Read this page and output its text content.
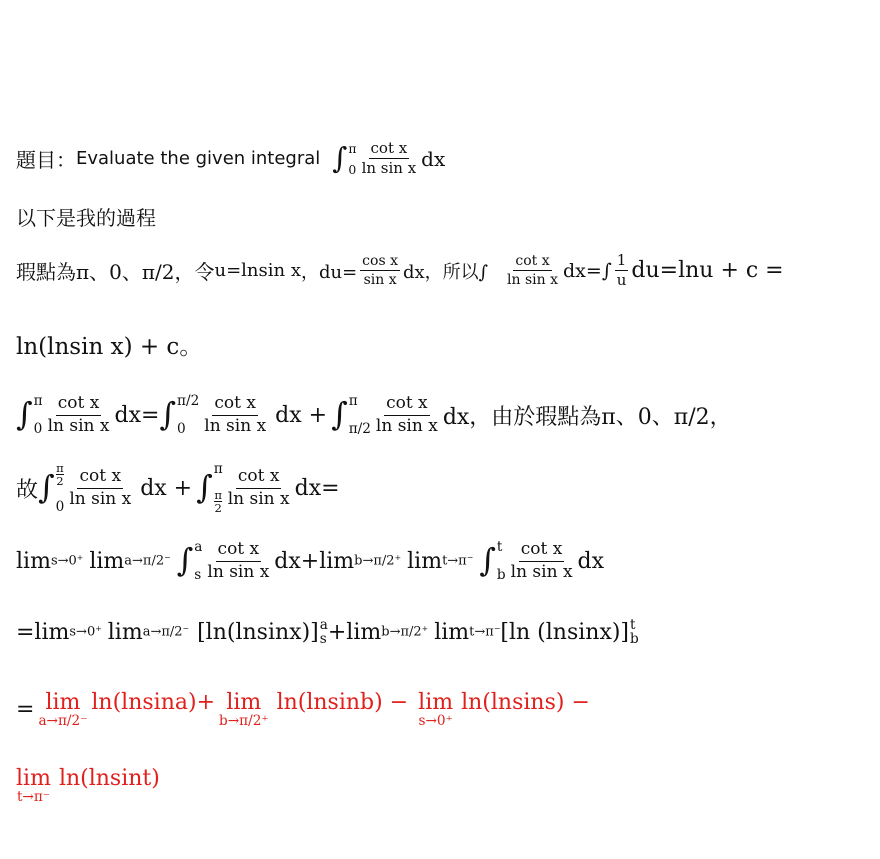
題目： Evaluate the given integral ∫ π
$0 \frac{\text{cot x}}{\text{ln sin x}}$ dx
以下是我的過程
瑕點為π、0、π/2，令 u=lnsin x ，$du= \frac{\text{cos x}}{\text{sin x}}$ dx，所以∫ $\frac{\text{cot x}}{\text{ln sin x}} dx=\int \frac{1}{u} du=\ln u + c$ =
ln(lnsin x) + c。
∫ π
$0 \frac{\text{cot x}}{\text{ln sin x}} dx=$ ∫ π/2
$0 \frac{\text{cot x}}{\text{ln sin x}}$ dx + ∫ π
$\pi/2 \frac{\text{cot x}}{\text{ln sin x}}$ dx，由於瑕點為π、0、π/2，
故 ∫
π
2
$0 \frac{\text{cot x}}{\text{ln sin x}}$ dx + ∫ π
π
$2 \frac{\text{cot x}}{\text{ln sin x}} dx=$
lim s→0+ lim a→π/2− ∫ a
s $\frac{\text{cot x}}{\text{ln sin x}} dx+\lim$ b→π/2+ lim t→π− ∫ t
b $\frac{\text{cot x}}{\text{ln sin x}}$ dx
=lim s→0+ lim a→π/2− [ln(lnsinx)] a
s +lim b→π/2+ lim t→π− [ln (lnsinx)] t
b
= lim
a→π/2⁻
ln(lnsina)+ lim
b→π/2⁺
ln(lnsinb) − lim
s→0⁺
ln(lnsins) −
lim
t→π⁻
ln(lnsint)
